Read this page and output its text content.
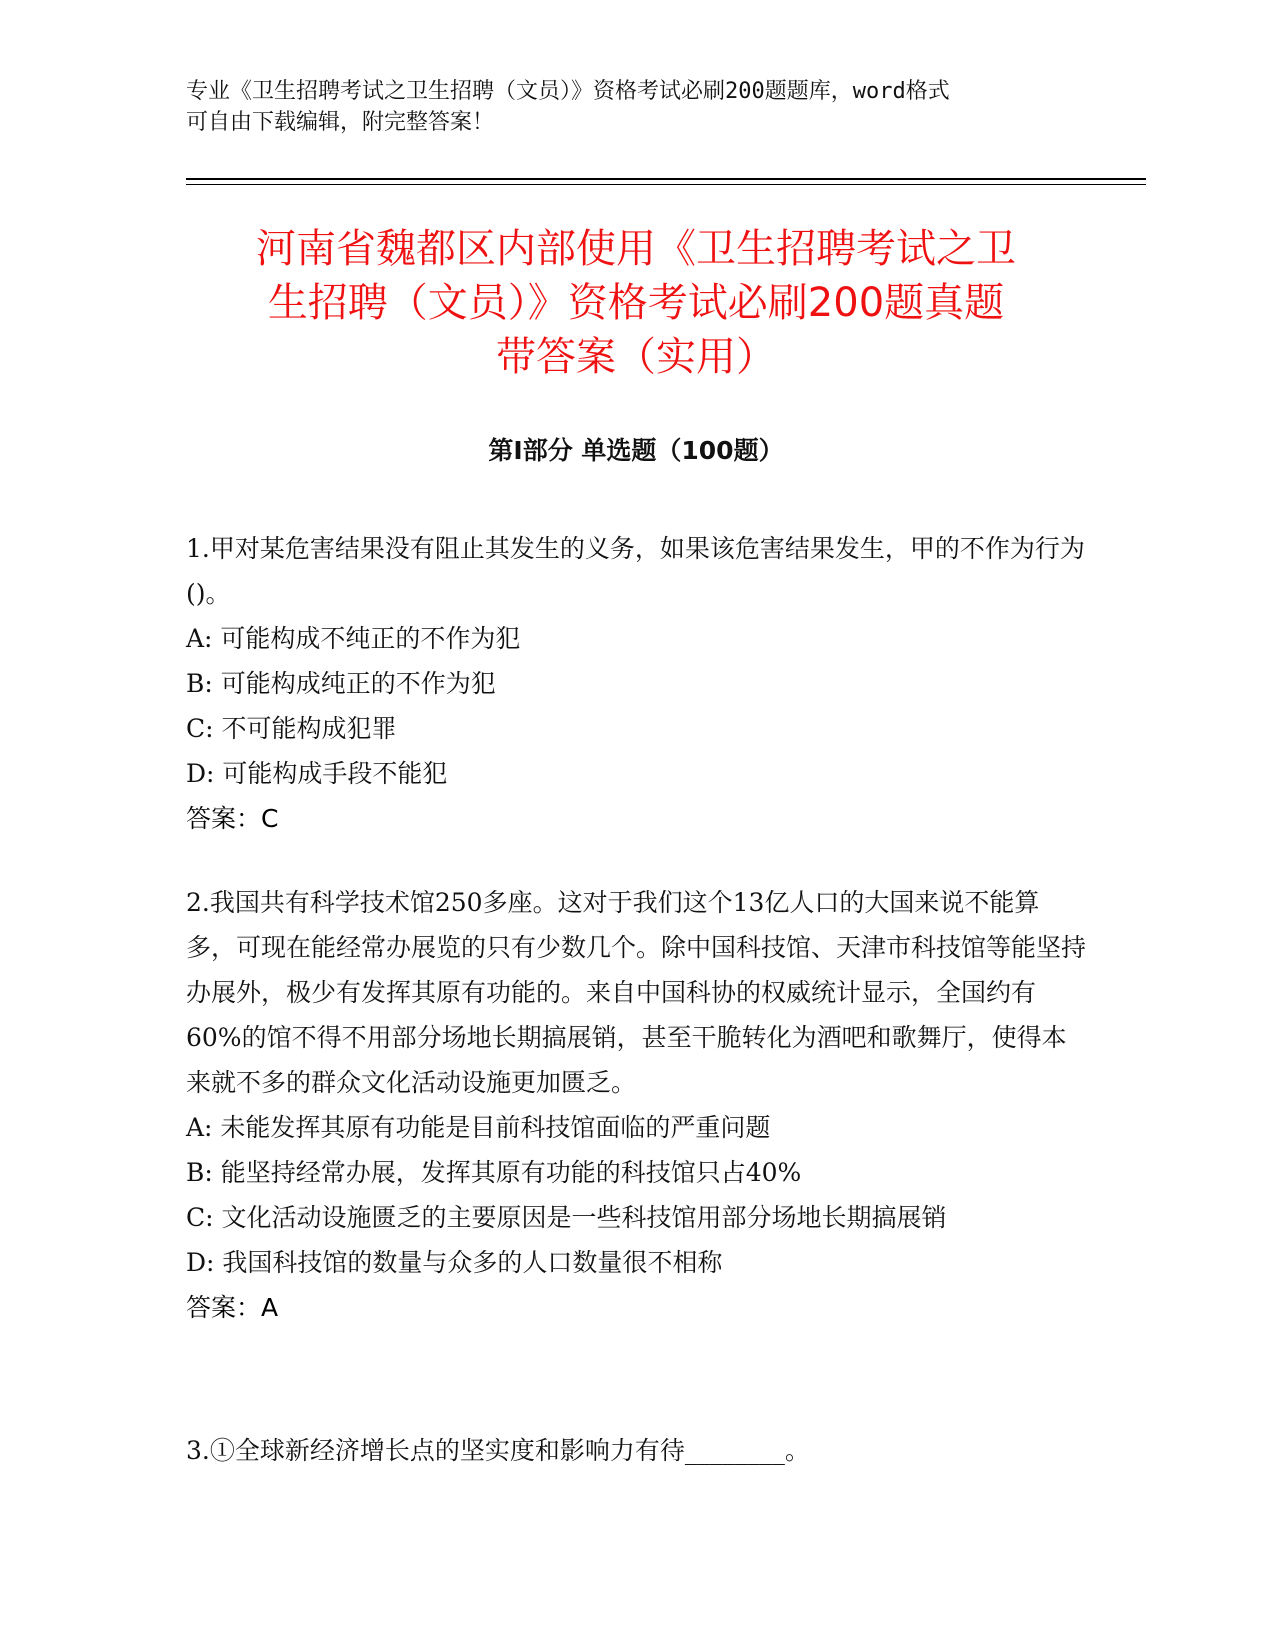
专业《卫生招聘考试之卫生招聘（文员）》资格考试必刷200题题库，word格式
可自由下载编辑，附完整答案！
河南省魏都区内部使用《卫生招聘考试之卫
生招聘（文员）》资格考试必刷200题真题
带答案（实用）
第Ⅰ部分 单选题（100题）

1.甲对某危害结果没有阻止其发生的义务，如果该危害结果发生，甲的不作为行为()。

A: 可能构成不纯正的不作为犯

B: 可能构成纯正的不作为犯

C: 不可能构成犯罪

D: 可能构成手段不能犯

答案：C

2.我国共有科学技术馆250多座。这对于我们这个13亿人口的大国来说不能算多，可现在能经常办展览的只有少数几个。除中国科技馆、天津市科技馆等能坚持办展外，极少有发挥其原有功能的。来自中国科协的权威统计显示，全国约有60%的馆不得不用部分场地长期搞展销，甚至干脆转化为酒吧和歌舞厅，使得本来就不多的群众文化活动设施更加匮乏。

A: 未能发挥其原有功能是目前科技馆面临的严重问题

B: 能坚持经常办展，发挥其原有功能的科技馆只占40%

C: 文化活动设施匮乏的主要原因是一些科技馆用部分场地长期搞展销

D: 我国科技馆的数量与众多的人口数量很不相称

答案：A

3.①全球新经济增长点的坚实度和影响力有待________。
